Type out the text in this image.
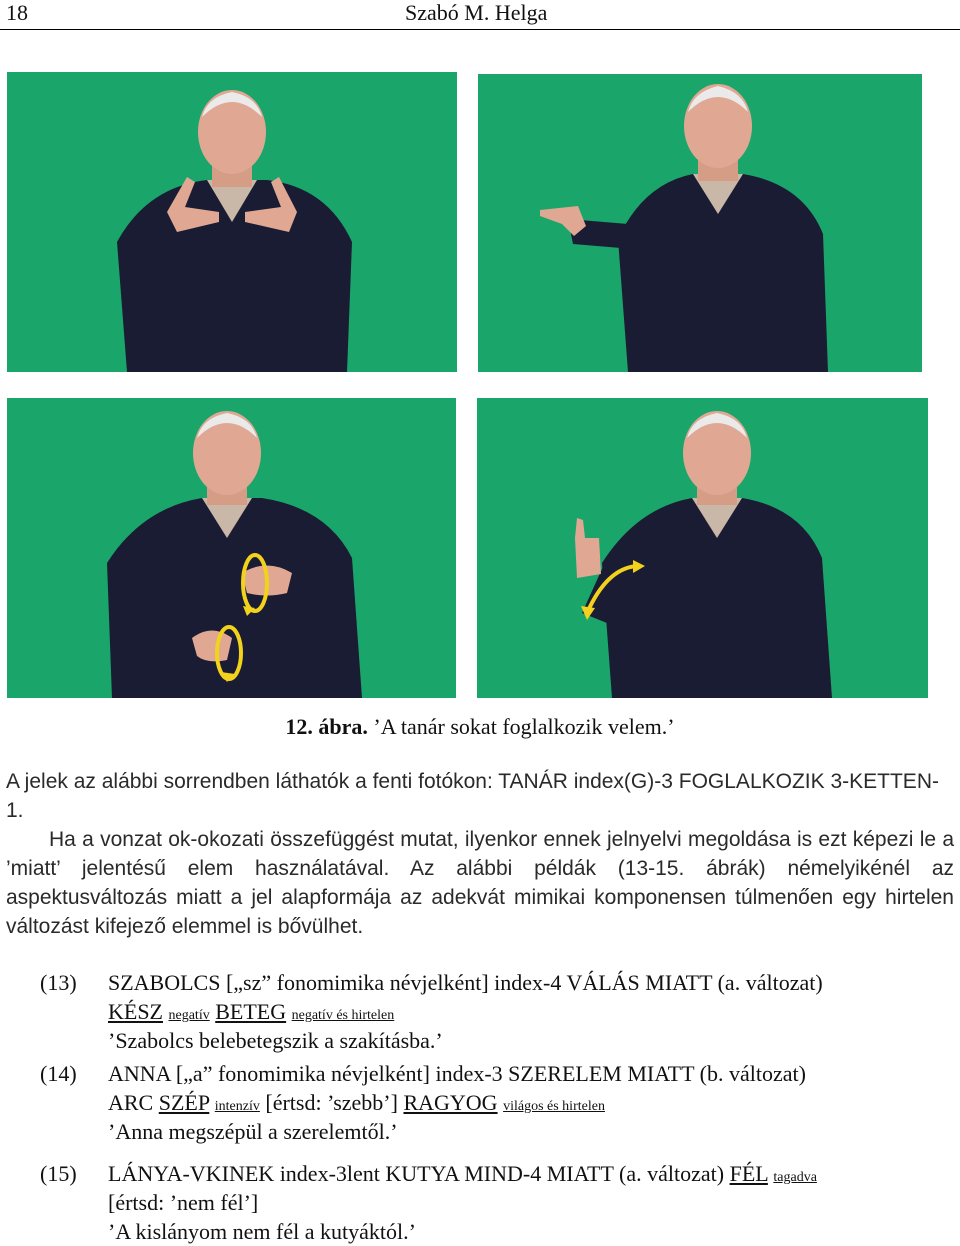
18	Szabó M. Helga
12. ábra. ’A tanár sokat foglalkozik velem.’
A jelek az alábbi sorrendben láthatók a fenti fotókon: TANÁR index(G)-3 FOGLALKOZIK 3-KETTEN-1.
Ha a vonzat ok-okozati összefüggést mutat, ilyenkor ennek jelnyelvi megoldása is ezt képezi le a ’miatt’ jelentésű elem használatával. Az alábbi példák (13-15. ábrák) némelyikénél az aspektusváltozás miatt a jel alapformája az adekvát mimikai komponensen túlmenően egy hirtelen változást kifejező elemmel is bővülhet.
(13) SZABOLCS [„sz” fonomimika névjelként] index-4 VÁLÁS MIATT (a. változat)
KÉSZ negatív BETEG negatív és hirtelen
’Szabolcs belebetegszik a szakításba.’
(14) ANNA [„a” fonomimika névjelként] index-3 SZERELEM MIATT (b. változat)
ARC SZÉP intenzív [értsd: ’szebb’] RAGYOG világos és hirtelen
’Anna megszépül a szerelemtől.’
(15) LÁNYA-VKINEK index-3lent KUTYA MIND-4 MIATT (a. változat) FÉL tagadva
[értsd: ’nem fél’]
’A kislányom nem fél a kutyáktól.’
